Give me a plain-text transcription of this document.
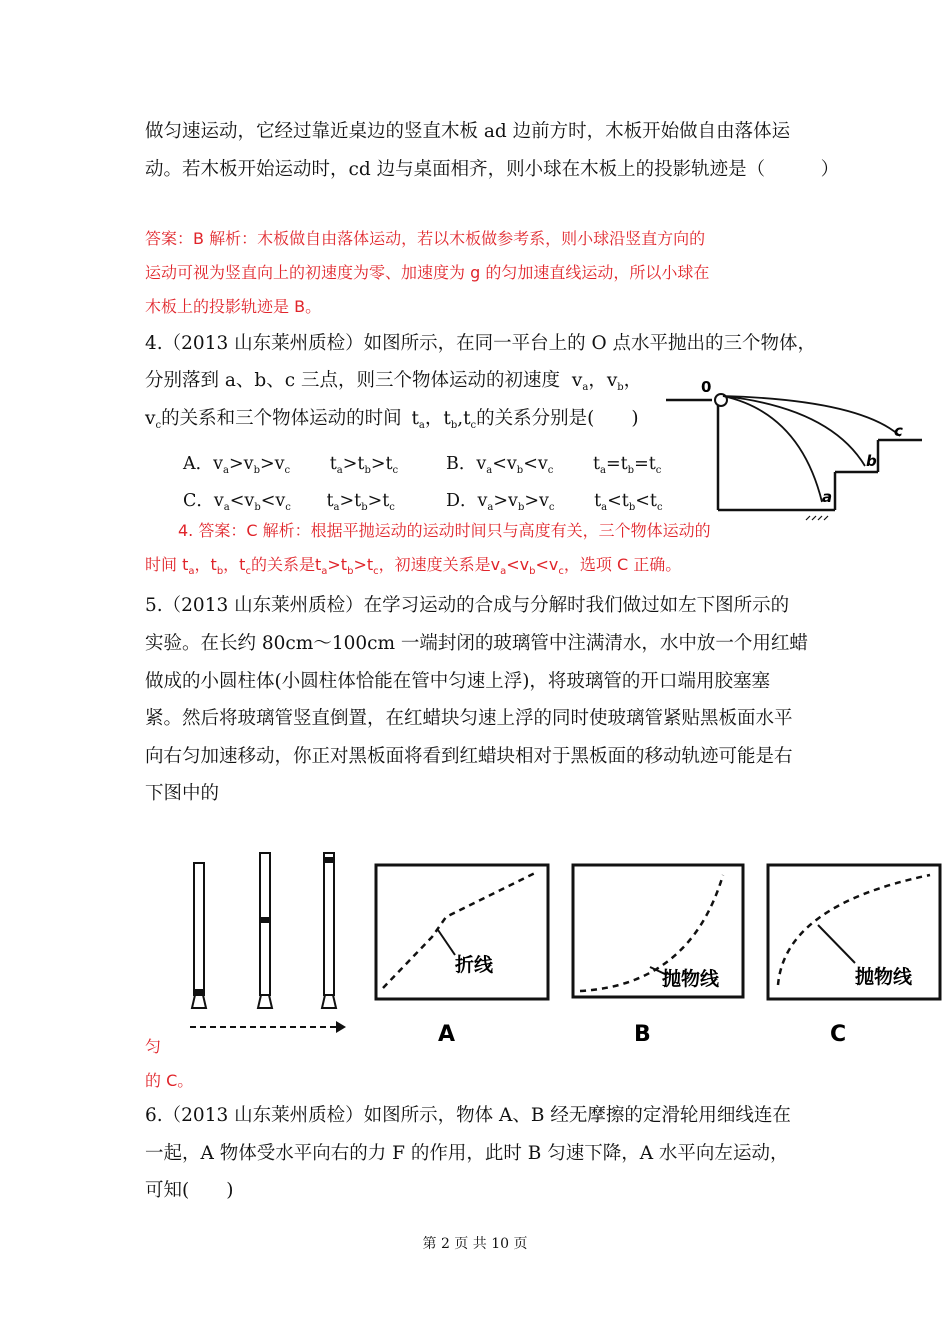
做匀速运动，它经过靠近桌边的竖直木板 ad 边前方时，木板开始做自由落体运
动。若木板开始运动时，cd 边与桌面相齐，则小球在木板上的投影轨迹是（　　　）
答案：B 解析：木板做自由落体运动，若以木板做参考系，则小球沿竖直方向的
运动可视为竖直向上的初速度为零、加速度为 g 的匀加速直线运动，所以小球在
木板上的投影轨迹是 B。
4.（2013 山东莱州质检）如图所示，在同一平台上的 O 点水平抛出的三个物体，
分别落到 a、b、c 三点，则三个物体运动的初速度 $v_a$，$v_b$，
$v_c$的关系和三个物体运动的时间 $t_a$，$t_b,t_c$的关系分别是(　　)
A．$v_a>v_b>v_c$ $t_a>t_b>t_c$	B．$v_a<v_b<v_c$ $t_a=t_b=t_c$
C．$v_a<v_b<v_c$ $t_a>t_b>t_c$	D．$v_a>v_b>v_c$ $t_a<t_b<t_c$
0
a
b
c
4. 答案：C 解析：根据平抛运动的运动时间只与高度有关，三个物体运动的
时间 $t_a$，$t_b$，$t_c$的关系是$t_a>t_b>t_c$，初速度关系是$v_a<v_b<v_c$，选项 C 正确。
5.（2013 山东莱州质检）在学习运动的合成与分解时我们做过如左下图所示的
实验。在长约 80cm～100cm 一端封闭的玻璃管中注满清水，水中放一个用红蜡
做成的小圆柱体(小圆柱体恰能在管中匀速上浮)，将玻璃管的开口端用胶塞塞
紧。然后将玻璃管竖直倒置，在红蜡块匀速上浮的同时使玻璃管紧贴黑板面水平
向右匀加速移动，你正对黑板面将看到红蜡块相对于黑板面的移动轨迹可能是右
下图中的
折线
A
抛物线
B
抛物线
C
匀
的 C。
6.（2013 山东莱州质检）如图所示，物体 A、B 经无摩擦的定滑轮用细线连在
一起，A 物体受水平向右的力 F 的作用，此时 B 匀速下降，A 水平向左运动，
可知(　　)
第 2 页 共 10 页
